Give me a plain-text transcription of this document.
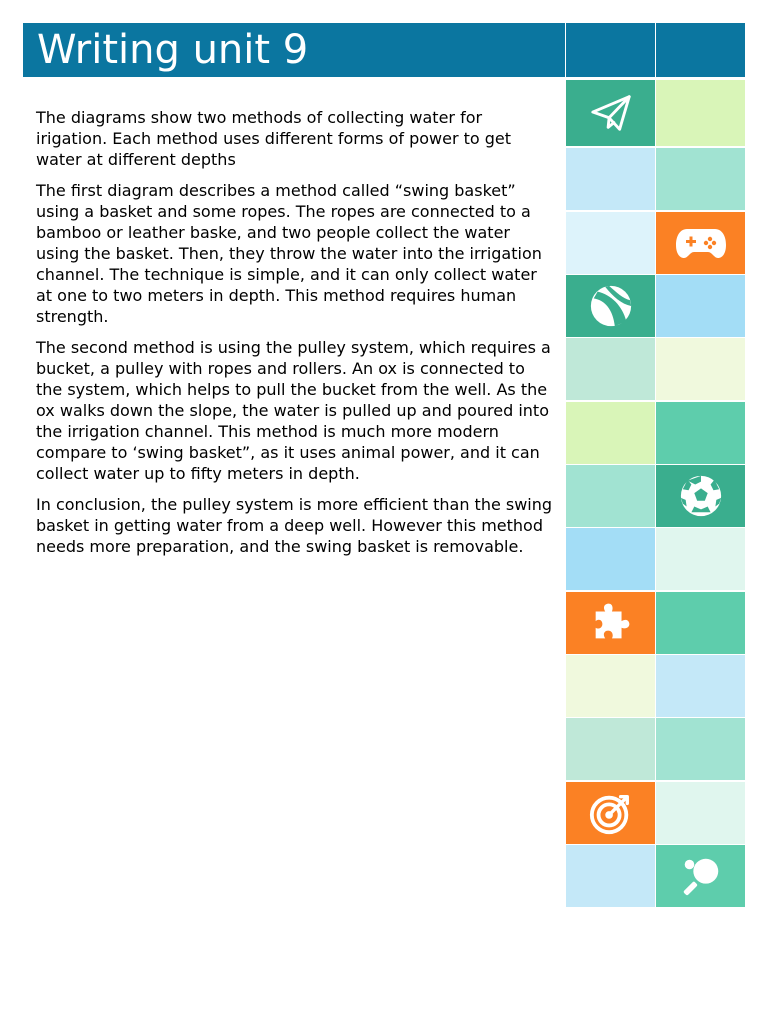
Writing unit 9

The diagrams show two methods of collecting water for irigation. Each method uses different forms of power to get water at different depths

The first diagram describes a method called “swing basket” using a basket and some ropes. The ropes are connected to a bamboo or leather baske, and two people collect the water using the basket. Then, they throw the water into the irrigation channel. The technique is simple, and it can only collect water at one to two meters in depth. This method requires human strength.

The second method is using the pulley system, which requires a bucket, a pulley with ropes and rollers. An ox is connected to the system, which helps to pull the bucket from the well. As the ox walks down the slope, the water is pulled up and poured into the irrigation channel. This method is much more modern compare to ‘swing basket”, as it uses animal power, and it can collect water up to fifty meters in depth.

In conclusion, the pulley system is more efficient than the swing basket in getting water from a deep well. However this method needs more preparation, and the swing basket is removable.
